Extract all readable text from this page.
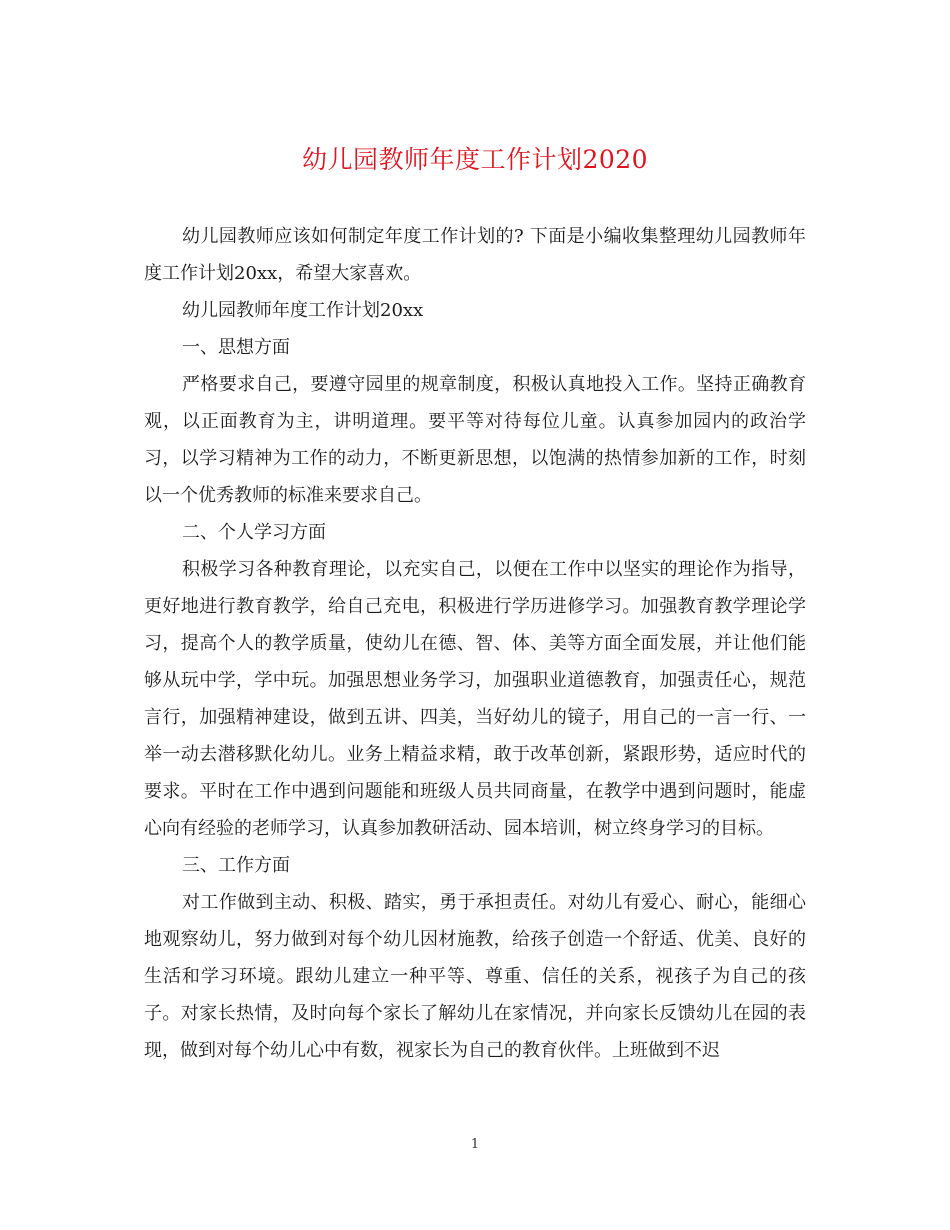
幼儿园教师年度工作计划2020

幼儿园教师应该如何制定年度工作计划的? 下面是小编收集整理幼儿园教师年度工作计划20xx，希望大家喜欢。

幼儿园教师年度工作计划20xx

一、思想方面

严格要求自己，要遵守园里的规章制度，积极认真地投入工作。坚持正确教育观，以正面教育为主，讲明道理。要平等对待每位儿童。认真参加园内的政治学习，以学习精神为工作的动力，不断更新思想，以饱满的热情参加新的工作，时刻以一个优秀教师的标准来要求自己。

二、个人学习方面

积极学习各种教育理论，以充实自己，以便在工作中以坚实的理论作为指导，更好地进行教育教学，给自己充电，积极进行学历进修学习。加强教育教学理论学习，提高个人的教学质量，使幼儿在德、智、体、美等方面全面发展，并让他们能够从玩中学，学中玩。加强思想业务学习，加强职业道德教育，加强责任心，规范言行，加强精神建设，做到五讲、四美，当好幼儿的镜子，用自己的一言一行、一举一动去潜移默化幼儿。业务上精益求精，敢于改革创新，紧跟形势，适应时代的要求。平时在工作中遇到问题能和班级人员共同商量，在教学中遇到问题时，能虚心向有经验的老师学习，认真参加教研活动、园本培训，树立终身学习的目标。

三、工作方面

对工作做到主动、积极、踏实，勇于承担责任。对幼儿有爱心、耐心，能细心地观察幼儿，努力做到对每个幼儿因材施教，给孩子创造一个舒适、优美、良好的生活和学习环境。跟幼儿建立一种平等、尊重、信任的关系，视孩子为自己的孩子。对家长热情，及时向每个家长了解幼儿在家情况，并向家长反馈幼儿在园的表现，做到对每个幼儿心中有数，视家长为自己的教育伙伴。上班做到不迟

1
